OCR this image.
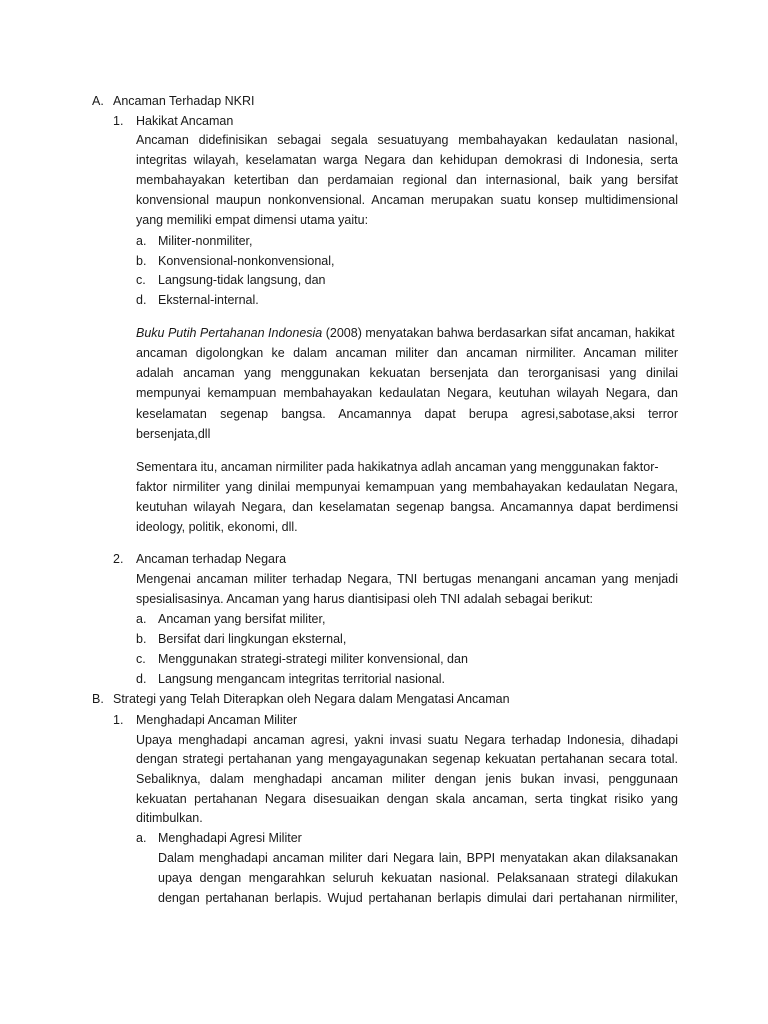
A. Ancaman Terhadap NKRI
1. Hakikat Ancaman
Ancaman didefinisikan sebagai segala sesuatuyang membahayakan kedaulatan nasional,
integritas wilayah, keselamatan warga Negara dan kehidupan demokrasi di Indonesia, serta
membahayakan ketertiban dan perdamaian regional dan internasional, baik yang bersifat
konvensional maupun nonkonvensional. Ancaman merupakan suatu konsep multidimensional
yang memiliki empat dimensi utama yaitu:
a. Militer-nonmiliter,
b. Konvensional-nonkonvensional,
c. Langsung-tidak langsung, dan
d. Eksternal-internal.
Buku Putih Pertahanan Indonesia (2008) menyatakan bahwa berdasarkan sifat ancaman, hakikat
ancaman digolongkan ke dalam ancaman militer dan ancaman nirmiliter. Ancaman militer
adalah ancaman yang menggunakan kekuatan bersenjata dan terorganisasi yang dinilai
mempunyai kemampuan membahayakan kedaulatan Negara, keutuhan wilayah Negara, dan
keselamatan segenap bangsa. Ancamannya dapat berupa agresi,sabotase,aksi terror
bersenjata,dll
Sementara itu, ancaman nirmiliter pada hakikatnya adlah ancaman yang menggunakan faktor-
faktor nirmiliter yang dinilai mempunyai kemampuan yang membahayakan kedaulatan Negara,
keutuhan wilayah Negara, dan keselamatan segenap bangsa. Ancamannya dapat berdimensi
ideology, politik, ekonomi, dll.
2. Ancaman terhadap Negara
Mengenai ancaman militer terhadap Negara, TNI bertugas menangani ancaman yang menjadi
spesialisasinya. Ancaman yang harus diantisipasi oleh TNI adalah sebagai berikut:
a. Ancaman yang bersifat militer,
b. Bersifat dari lingkungan eksternal,
c. Menggunakan strategi-strategi militer konvensional, dan
d. Langsung mengancam integritas territorial nasional.
B. Strategi yang Telah Diterapkan oleh Negara dalam Mengatasi Ancaman
1. Menghadapi Ancaman Militer
Upaya menghadapi ancaman agresi, yakni invasi suatu Negara terhadap Indonesia, dihadapi
dengan strategi pertahanan yang mengayagunakan segenap kekuatan pertahanan secara total.
Sebaliknya, dalam menghadapi ancaman militer dengan jenis bukan invasi, penggunaan
kekuatan pertahanan Negara disesuaikan dengan skala ancaman, serta tingkat risiko yang
ditimbulkan.
a. Menghadapi Agresi Militer
Dalam menghadapi ancaman militer dari Negara lain, BPPI menyatakan akan dilaksanakan
upaya dengan mengarahkan seluruh kekuatan nasional. Pelaksanaan strategi dilakukan
dengan pertahanan berlapis. Wujud pertahanan berlapis dimulai dari pertahanan nirmiliter,
